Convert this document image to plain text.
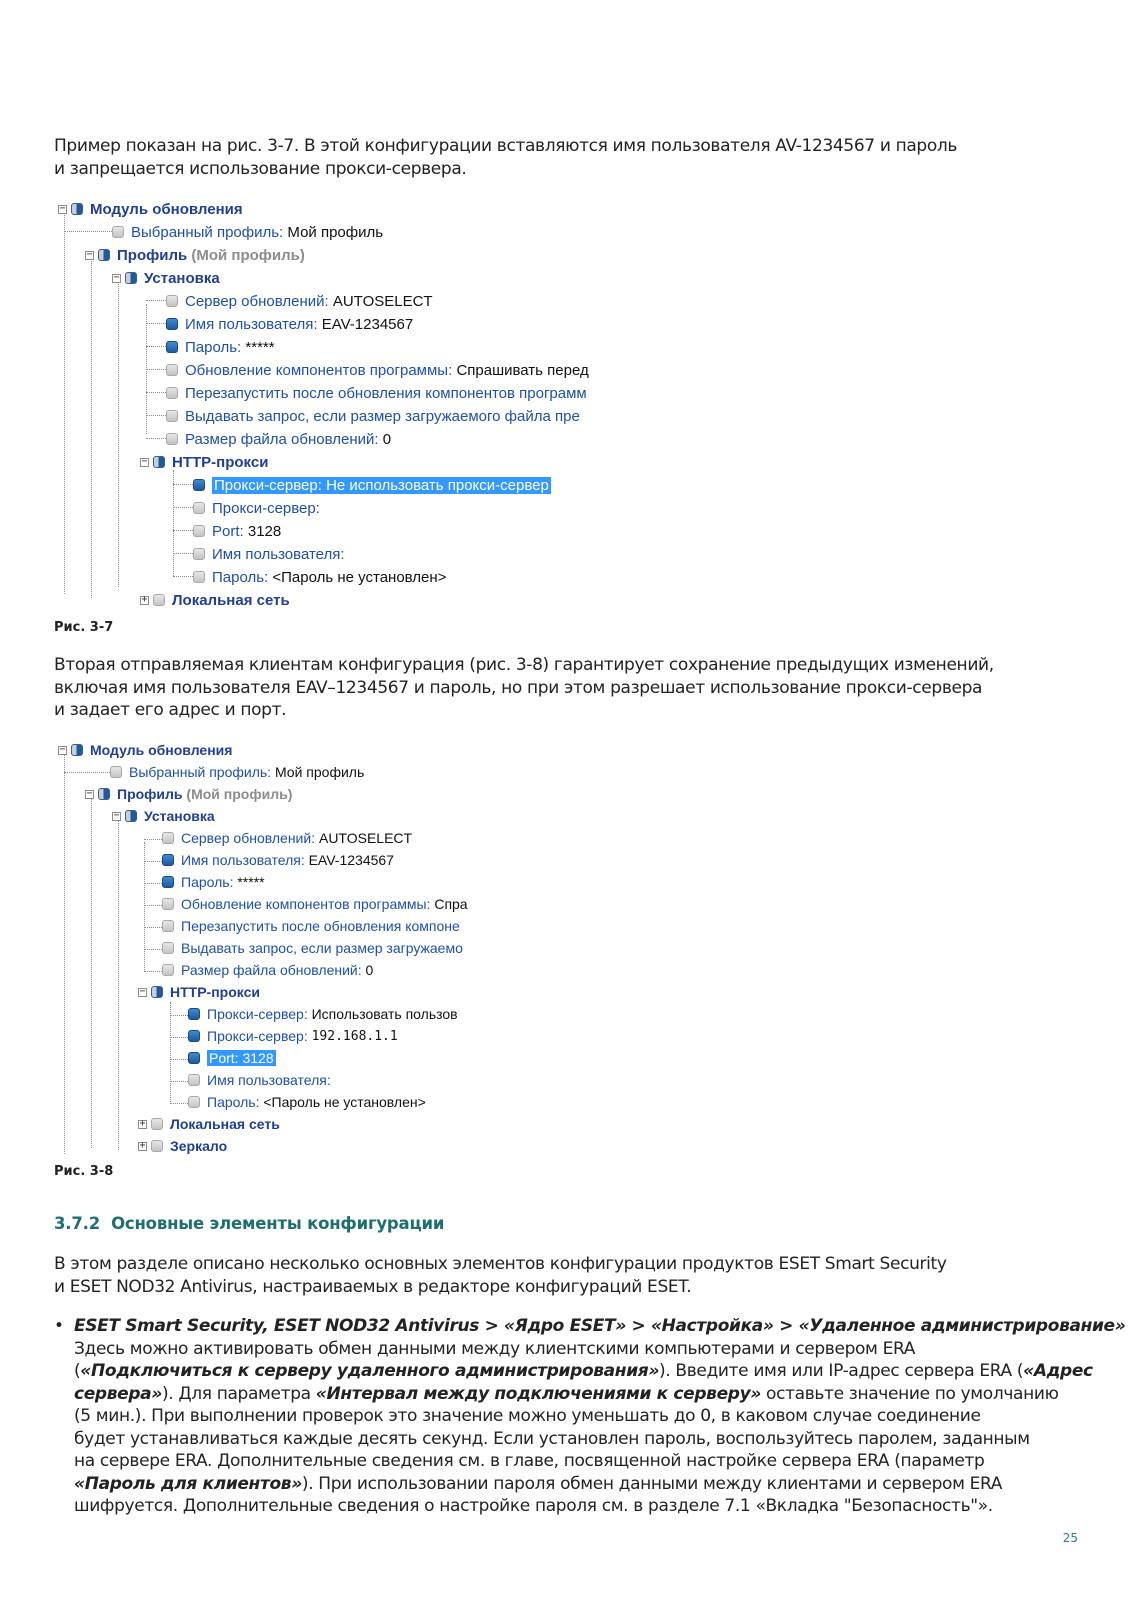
Пример показан на рис. 3-7. В этой конфигурации вставляются имя пользователя AV-1234567 и пароль
и запрещается использование прокси-сервера.
− Модуль обновления
Выбранный профиль:
Мой профиль
− Профиль
(Мой профиль)
− Установка
Сервер обновлений:
AUTOSELECT
Имя пользователя:
EAV-1234567
Пароль:
*****
Обновление компонентов программы:
Спрашивать перед
Перезапустить после обновления компонентов программ
Выдавать запрос, если размер загружаемого файла пре
Размер файла обновлений:
0
− HTTP-прокси
Прокси-сервер: Не использовать прокси-сервер
Прокси-сервер:
Port:
3128
Имя пользователя:
Пароль:
<Пароль не установлен>
+ Локальная сеть
Рис. 3-7
Вторая отправляемая клиентам конфигурация (рис. 3-8) гарантирует сохранение предыдущих изменений,
включая имя пользователя EAV–1234567 и пароль, но при этом разрешает использование прокси-сервера
и задает его адрес и порт.
− Модуль обновления
Выбранный профиль:
Мой профиль
− Профиль
(Мой профиль)
− Установка
Сервер обновлений:
AUTOSELECT
Имя пользователя:
EAV-1234567
Пароль:
*****
Обновление компонентов программы:
Спра
Перезапустить после обновления компоне
Выдавать запрос, если размер загружаемо
Размер файла обновлений:
0
− HTTP-прокси
Прокси-сервер:
Использовать пользов
Прокси-сервер:
192.168.1.1
Port: 3128
Имя пользователя:
Пароль:
<Пароль не установлен>
+ Локальная сеть
+ Зеркало
Рис. 3-8
3.7.2 Основные элементы конфигурации
В этом разделе описано несколько основных элементов конфигурации продуктов ESET Smart Security
и ESET NOD32 Antivirus, настраиваемых в редакторе конфигураций ESET.
• ESET Smart Security, ESET NOD32 Antivirus > «Ядро ESET» > «Настройка» > «Удаленное администрирование»
Здесь можно активировать обмен данными между клиентскими компьютерами и сервером ERA
(«Подключиться к серверу удаленного администрирования»). Введите имя или IP-адрес сервера ERA («Адрес
сервера»). Для параметра «Интервал между подключениями к серверу» оставьте значение по умолчанию
(5 мин.). При выполнении проверок это значение можно уменьшать до 0, в каковом случае соединение
будет устанавливаться каждые десять секунд. Если установлен пароль, воспользуйтесь паролем, заданным
на сервере ERA. Дополнительные сведения см. в главе, посвященной настройке сервера ERA (параметр
«Пароль для клиентов»). При использовании пароля обмен данными между клиентами и сервером ERA
шифруется. Дополнительные сведения о настройке пароля см. в разделе 7.1 «Вкладка "Безопасность"».
25
